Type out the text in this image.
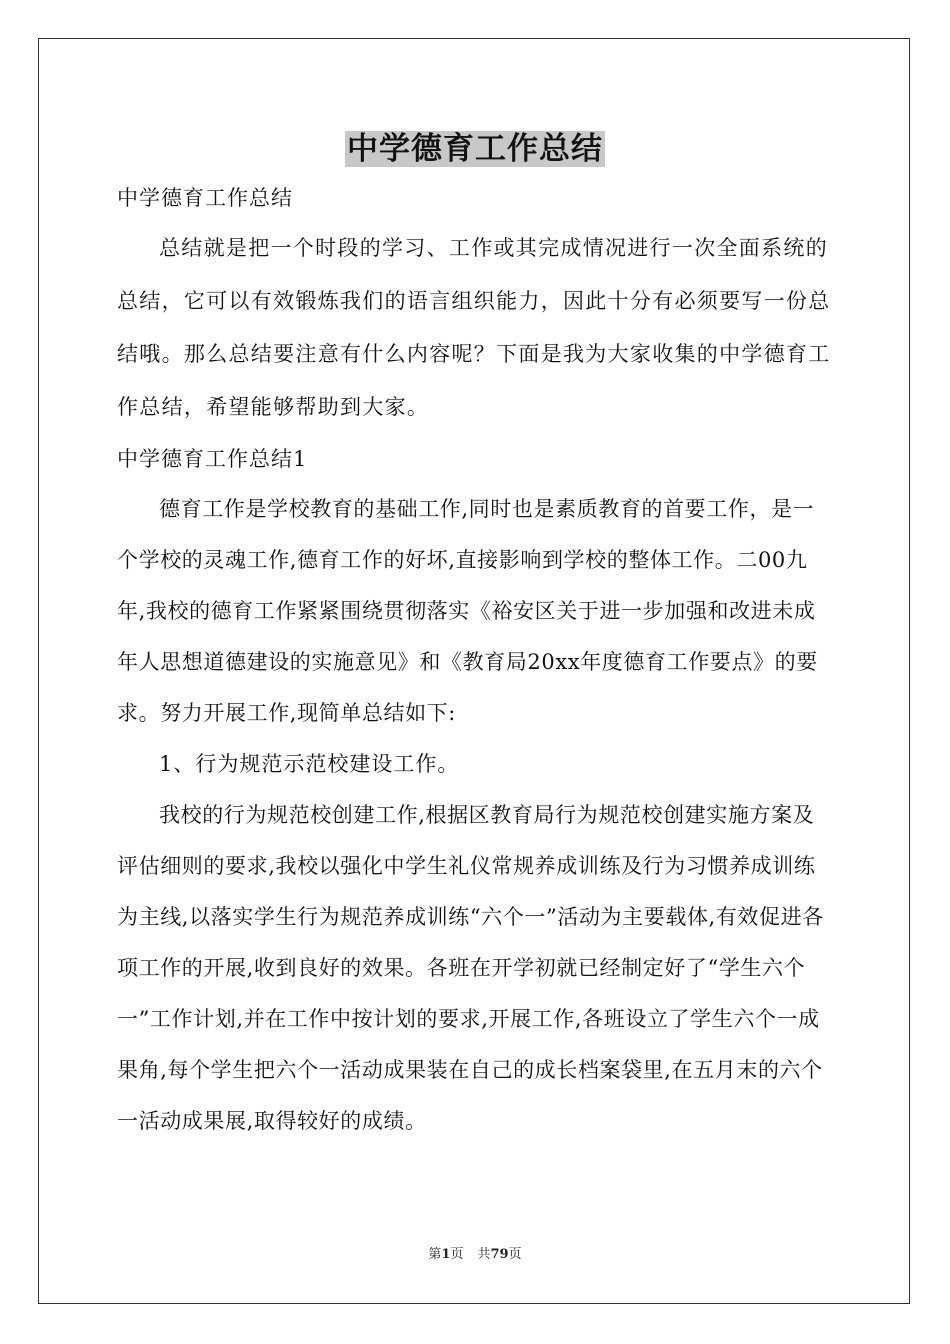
中学德育工作总结
中学德育工作总结

总结就是把一个时段的学习、工作或其完成情况进行一次全面系统的总结，它可以有效锻炼我们的语言组织能力，因此十分有必须要写一份总结哦。那么总结要注意有什么内容呢？下面是我为大家收集的中学德育工作总结，希望能够帮助到大家。

中学德育工作总结1

德育工作是学校教育的基础工作,同时也是素质教育的首要工作，是一个学校的灵魂工作,德育工作的好坏,直接影响到学校的整体工作。二00九年,我校的德育工作紧紧围绕贯彻落实《裕安区关于进一步加强和改进未成年人思想道德建设的实施意见》和《教育局20xx年度德育工作要点》的要求。努力开展工作,现简单总结如下:

1、行为规范示范校建设工作。

我校的行为规范校创建工作,根据区教育局行为规范校创建实施方案及评估细则的要求,我校以强化中学生礼仪常规养成训练及行为习惯养成训练为主线,以落实学生行为规范养成训练“六个一”活动为主要载体,有效促进各项工作的开展,收到良好的效果。各班在开学初就已经制定好了“学生六个一”工作计划,并在工作中按计划的要求,开展工作,各班设立了学生六个一成果角,每个学生把六个一活动成果装在自己的成长档案袋里,在五月末的六个一活动成果展,取得较好的成绩。

第1页 共79页
